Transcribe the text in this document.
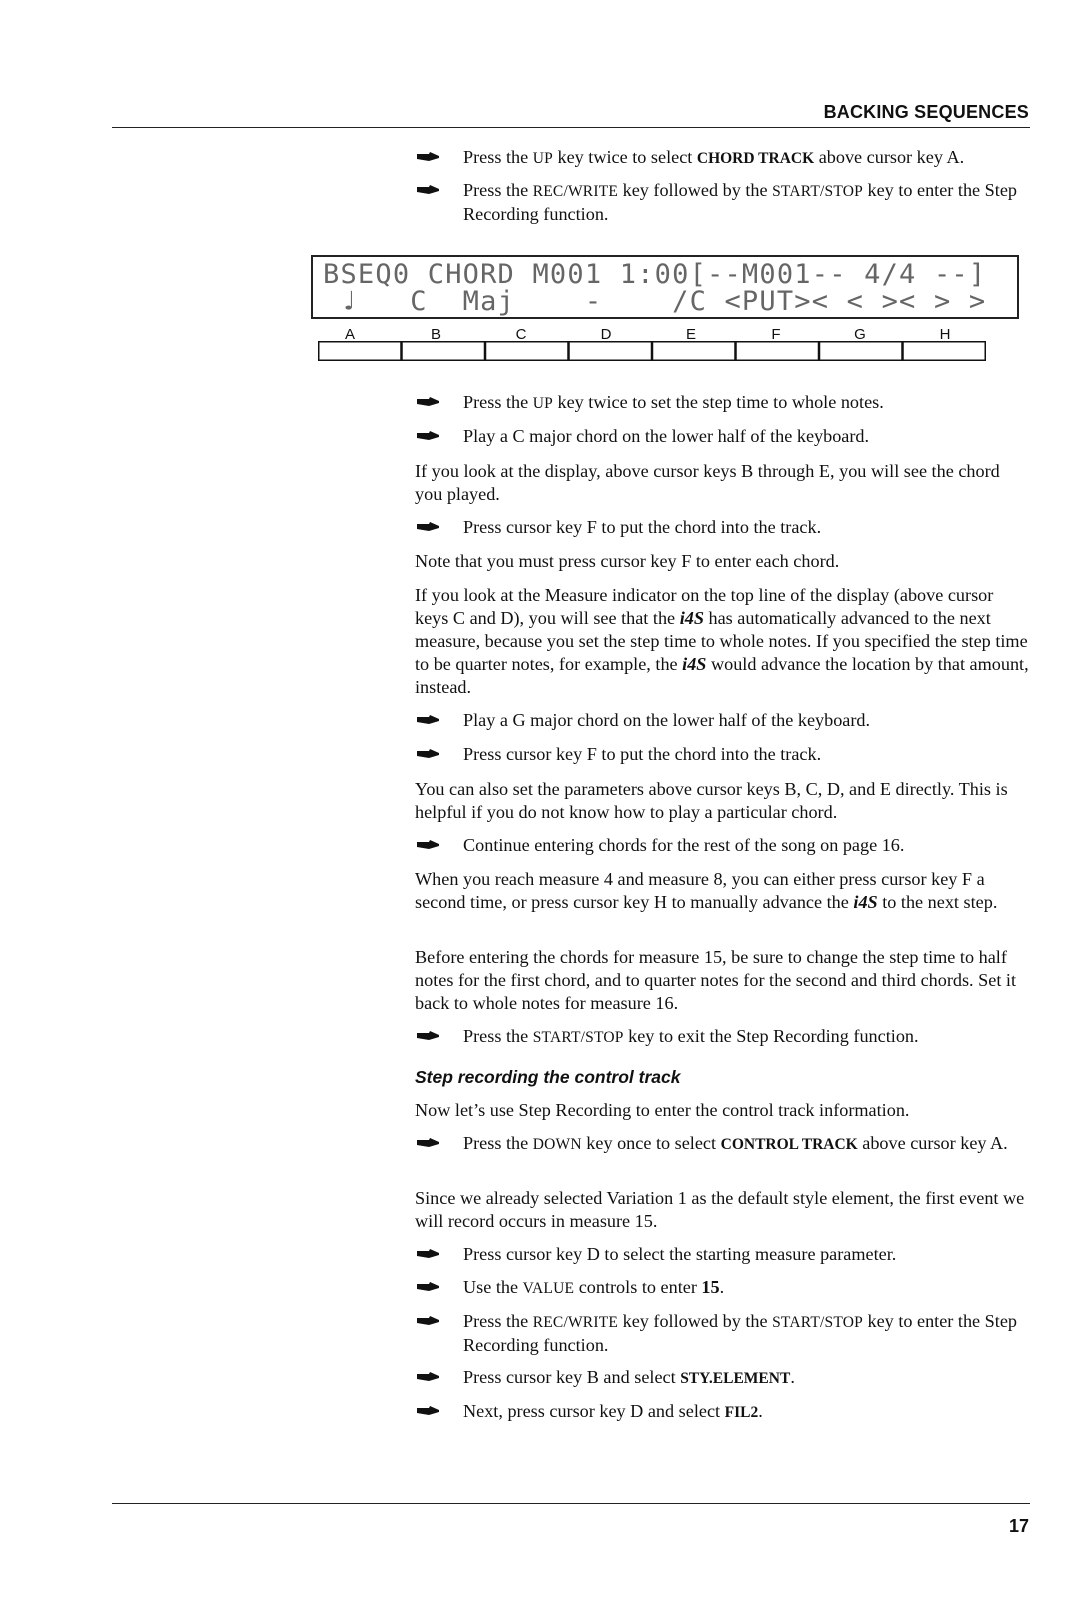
BACKING SEQUENCES
Press the UP key twice to select CHORD TRACK above cursor key A.
Press the REC/WRITE key followed by the START/STOP key to enter the Step Recording function.
BSEQ0 CHORD M001 1:00[--M001-- 4/4 --]
♩   C  Maj    -    /C <PUT>< < >< > >
A	B	C	D	E	F	G	H
Press the UP key twice to set the step time to whole notes.
Play a C major chord on the lower half of the keyboard.

If you look at the display, above cursor keys B through E, you will see the chord you played.

Press cursor key F to put the chord into the track.

Note that you must press cursor key F to enter each chord.

If you look at the Measure indicator on the top line of the display (above cursor keys C and D), you will see that the i4S has automatically advanced to the next measure, because you set the step time to whole notes. If you specified the step time to be quarter notes, for example, the i4S would advance the location by that amount, instead.

Play a G major chord on the lower half of the keyboard.
Press cursor key F to put the chord into the track.

You can also set the parameters above cursor keys B, C, D, and E directly. This is helpful if you do not know how to play a particular chord.

Continue entering chords for the rest of the song on page 16.

When you reach measure 4 and measure 8, you can either press cursor key F a second time, or press cursor key H to manually advance the i4S to the next step.

Before entering the chords for measure 15, be sure to change the step time to half notes for the first chord, and to quarter notes for the second and third chords. Set it back to whole notes for measure 16.

Press the START/STOP key to exit the Step Recording function.
Step recording the control track

Now let’s use Step Recording to enter the control track information.

Press the DOWN key once to select CONTROL TRACK above cursor key A.

Since we already selected Variation 1 as the default style element, the first event we will record occurs in measure 15.

Press cursor key D to select the starting measure parameter.
Use the VALUE controls to enter 15.
Press the REC/WRITE key followed by the START/STOP key to enter the Step Recording function.
Press cursor key B and select STY.ELEMENT.
Next, press cursor key D and select FIL2.
17
